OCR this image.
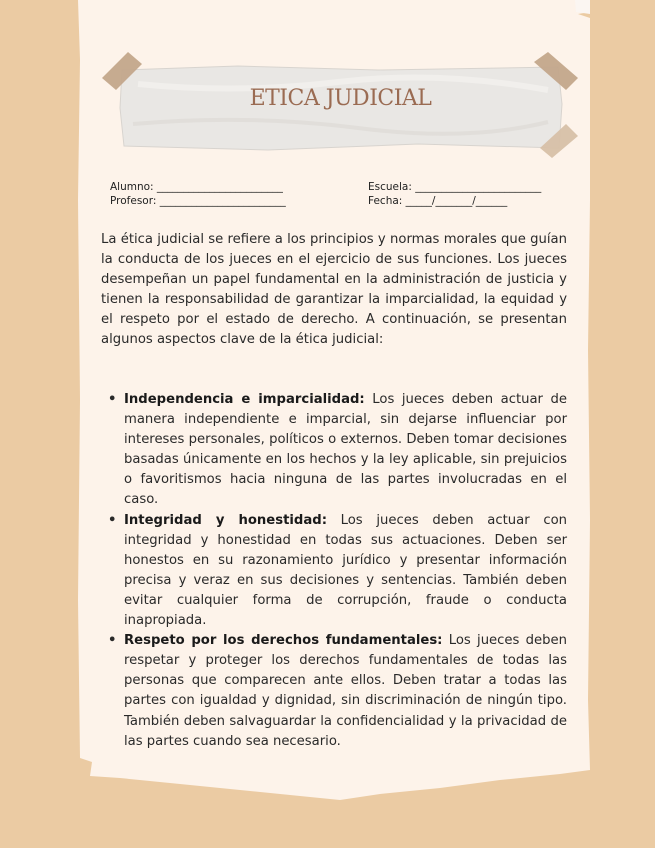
ETICA JUDICIAL
Alumno: ________________________
Profesor: ________________________
Escuela: ________________________
Fecha: _____/_______/______

La ética judicial se refiere a los principios y normas morales que guían la conducta de los jueces en el ejercicio de sus funciones. Los jueces desempeñan un papel fundamental en la administración de justicia y tienen la responsabilidad de garantizar la imparcialidad, la equidad y el respeto por el estado de derecho. A continuación, se presentan algunos aspectos clave de la ética judicial:

• Independencia e imparcialidad: Los jueces deben actuar de manera independiente e imparcial, sin dejarse influenciar por intereses personales, políticos o externos. Deben tomar decisiones basadas únicamente en los hechos y la ley aplicable, sin prejuicios o favoritismos hacia ninguna de las partes involucradas en el caso.
• Integridad y honestidad: Los jueces deben actuar con integridad y honestidad en todas sus actuaciones. Deben ser honestos en su razonamiento jurídico y presentar información precisa y veraz en sus decisiones y sentencias. También deben evitar cualquier forma de corrupción, fraude o conducta inapropiada.
• Respeto por los derechos fundamentales: Los jueces deben respetar y proteger los derechos fundamentales de todas las personas que comparecen ante ellos. Deben tratar a todas las partes con igualdad y dignidad, sin discriminación de ningún tipo. También deben salvaguardar la confidencialidad y la privacidad de las partes cuando sea necesario.
